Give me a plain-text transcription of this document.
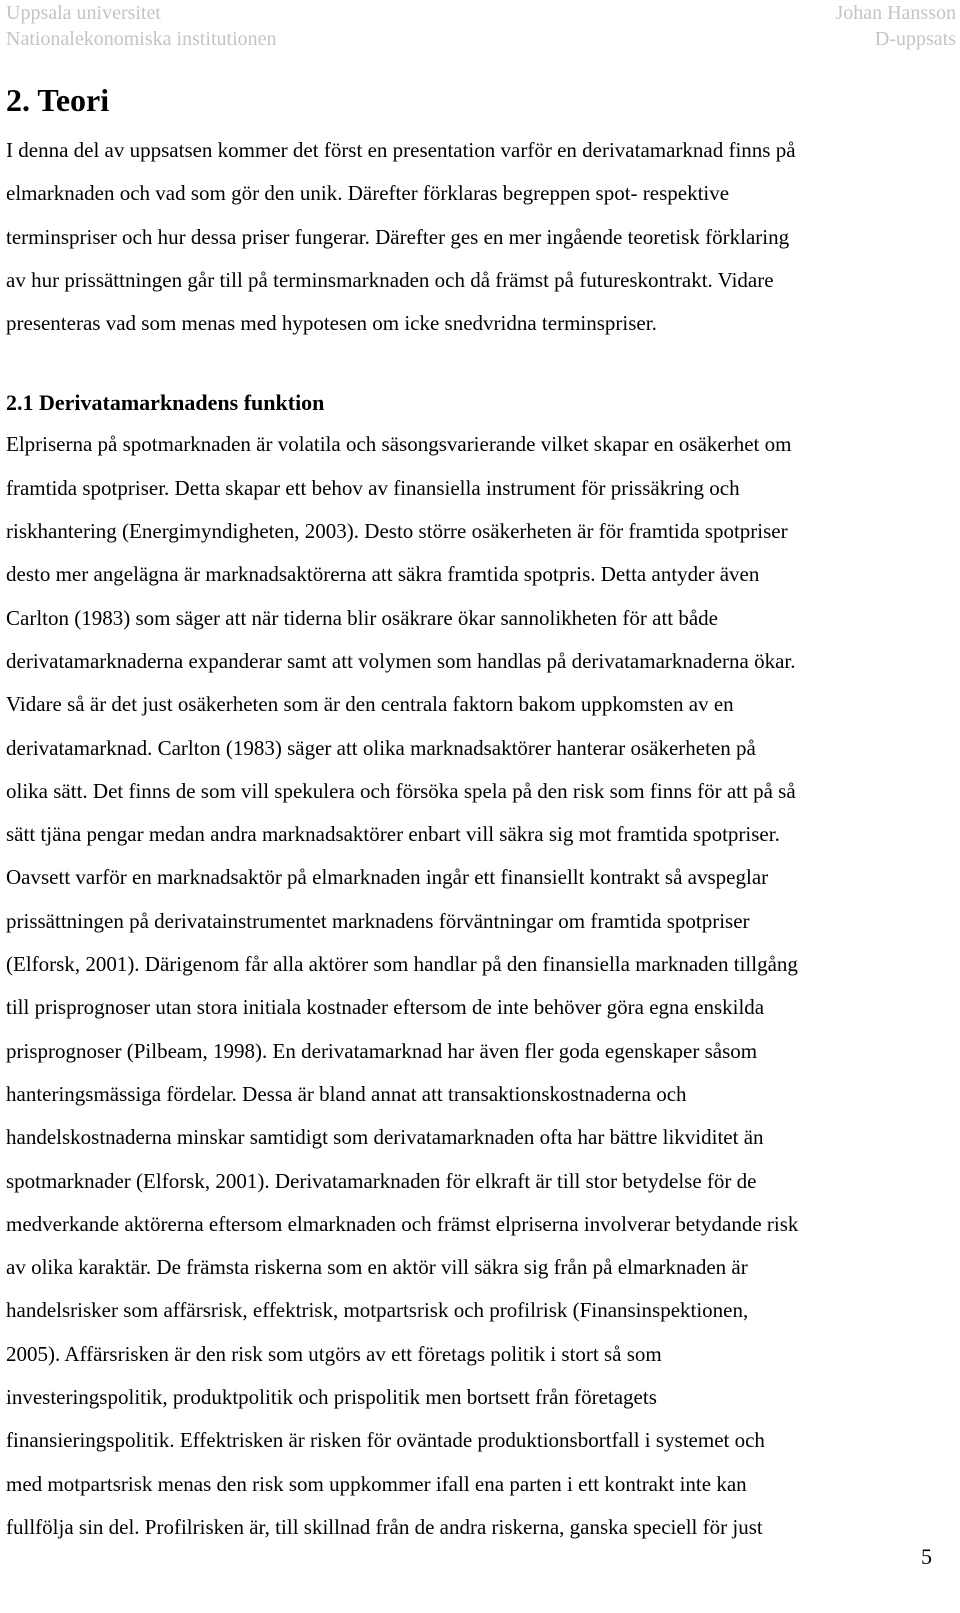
Uppsala universitet
Nationalekonomiska institutionen
Johan Hansson
D-uppsats
2. Teori

I denna del av uppsatsen kommer det först en presentation varför en derivatamarknad finns på
elmarknaden och vad som gör den unik. Därefter förklaras begreppen spot- respektive
terminspriser och hur dessa priser fungerar. Därefter ges en mer ingående teoretisk förklaring
av hur prissättningen går till på terminsmarknaden och då främst på futureskontrakt. Vidare
presenteras vad som menas med hypotesen om icke snedvridna terminspriser.

2.1 Derivatamarknadens funktion

Elpriserna på spotmarknaden är volatila och säsongsvarierande vilket skapar en osäkerhet om
framtida spotpriser. Detta skapar ett behov av finansiella instrument för prissäkring och
riskhantering (Energimyndigheten, 2003). Desto större osäkerheten är för framtida spotpriser
desto mer angelägna är marknadsaktörerna att säkra framtida spotpris. Detta antyder även
Carlton (1983) som säger att när tiderna blir osäkrare ökar sannolikheten för att både
derivatamarknaderna expanderar samt att volymen som handlas på derivatamarknaderna ökar.
Vidare så är det just osäkerheten som är den centrala faktorn bakom uppkomsten av en
derivatamarknad. Carlton (1983) säger att olika marknadsaktörer hanterar osäkerheten på
olika sätt. Det finns de som vill spekulera och försöka spela på den risk som finns för att på så
sätt tjäna pengar medan andra marknadsaktörer enbart vill säkra sig mot framtida spotpriser.
Oavsett varför en marknadsaktör på elmarknaden ingår ett finansiellt kontrakt så avspeglar
prissättningen på derivatainstrumentet marknadens förväntningar om framtida spotpriser
(Elforsk, 2001). Därigenom får alla aktörer som handlar på den finansiella marknaden tillgång
till prisprognoser utan stora initiala kostnader eftersom de inte behöver göra egna enskilda
prisprognoser (Pilbeam, 1998). En derivatamarknad har även fler goda egenskaper såsom
hanteringsmässiga fördelar. Dessa är bland annat att transaktionskostnaderna och
handelskostnaderna minskar samtidigt som derivatamarknaden ofta har bättre likviditet än
spotmarknader (Elforsk, 2001). Derivatamarknaden för elkraft är till stor betydelse för de
medverkande aktörerna eftersom elmarknaden och främst elpriserna involverar betydande risk
av olika karaktär. De främsta riskerna som en aktör vill säkra sig från på elmarknaden är
handelsrisker som affärsrisk, effektrisk, motpartsrisk och profilrisk (Finansinspektionen,
2005). Affärsrisken är den risk som utgörs av ett företags politik i stort så som
investeringspolitik, produktpolitik och prispolitik men bortsett från företagets
finansieringspolitik. Effektrisken är risken för oväntade produktionsbortfall i systemet och
med motpartsrisk menas den risk som uppkommer ifall ena parten i ett kontrakt inte kan
fullfölja sin del. Profilrisken är, till skillnad från de andra riskerna, ganska speciell för just

5
